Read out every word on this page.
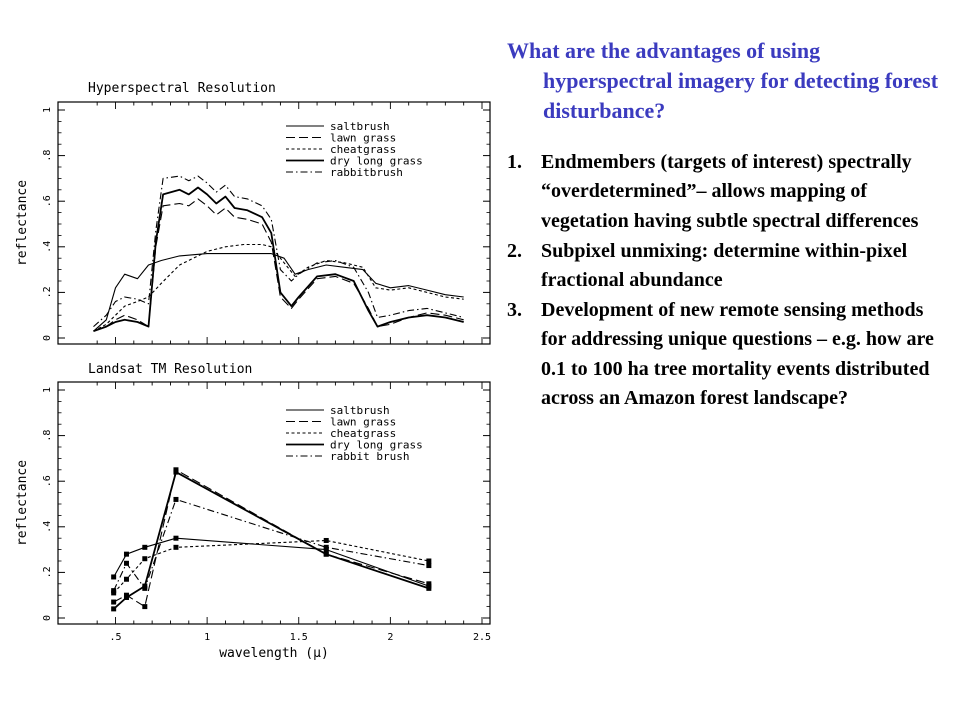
Hyperspectral Resolution
reflectance
0
.2
.4
.6
.8
1
saltbrush
lawn grass
cheatgrass
dry long grass
rabbitbrush
Landsat TM Resolution
reflectance
0
.2
.4
.6
.8
1
.5	1	1.5	2	2.5
wavelength (μ)
saltbrush
lawn grass
cheatgrass
dry long grass
rabbit brush

What are the advantages of using hyperspectral imagery for detecting forest disturbance?

1. Endmembers (targets of interest) spectrally “overdetermined”– allows mapping of vegetation having subtle spectral differences
2. Subpixel unmixing: determine within-pixel fractional abundance
3. Development of new remote sensing methods for addressing unique questions – e.g. how are 0.1 to 100 ha tree mortality events distributed across an Amazon forest landscape?
